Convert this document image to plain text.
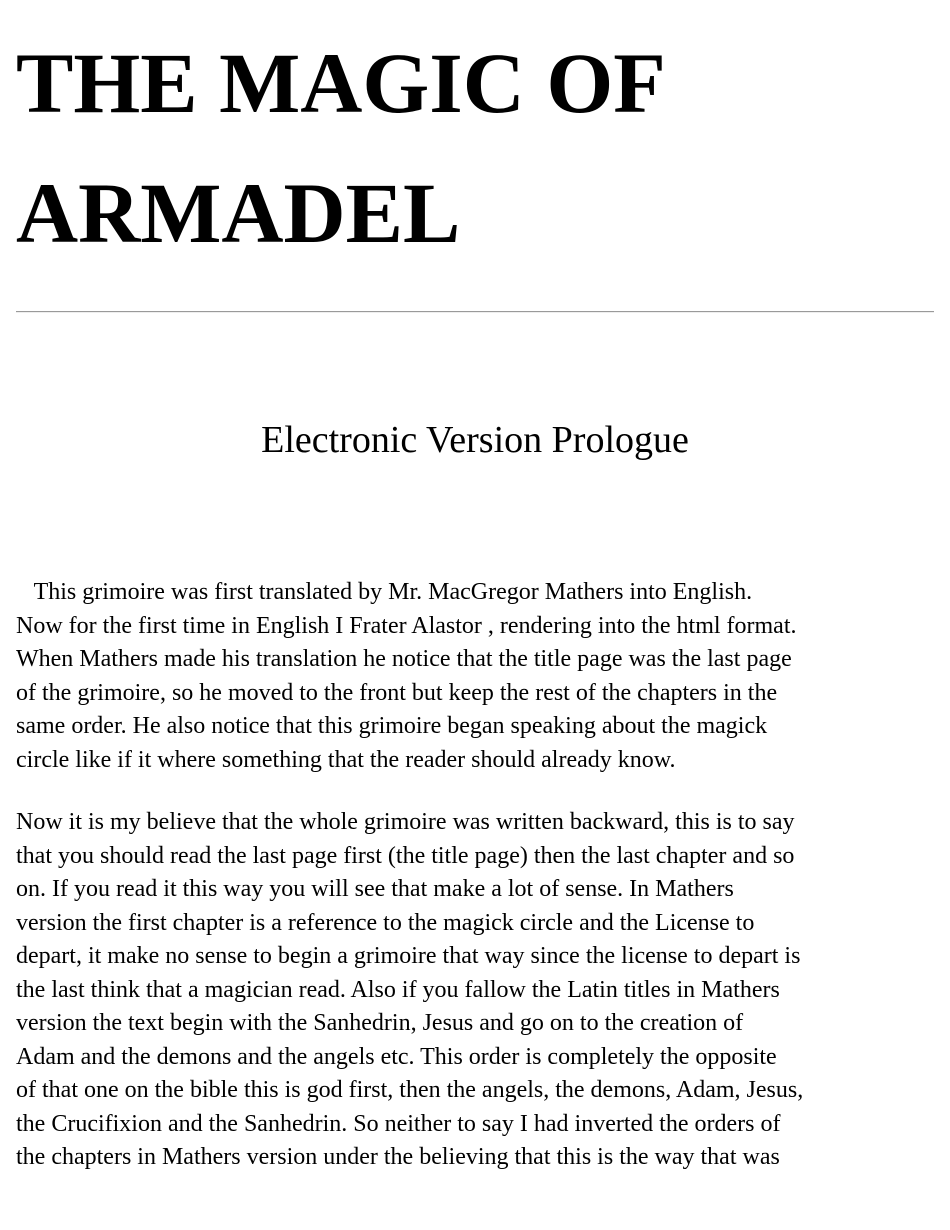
THE MAGIC OF
ARMADEL
Electronic Version Prologue

This grimoire was first translated by Mr. MacGregor Mathers into English.
Now for the first time in English I Frater Alastor , rendering into the html format.
When Mathers made his translation he notice that the title page was the last page
of the grimoire, so he moved to the front but keep the rest of the chapters in the
same order. He also notice that this grimoire began speaking about the magick
circle like if it where something that the reader should already know.

Now it is my believe that the whole grimoire was written backward, this is to say
that you should read the last page first (the title page) then the last chapter and so
on. If you read it this way you will see that make a lot of sense. In Mathers
version the first chapter is a reference to the magick circle and the License to
depart, it make no sense to begin a grimoire that way since the license to depart is
the last think that a magician read. Also if you fallow the Latin titles in Mathers
version the text begin with the Sanhedrin, Jesus and go on to the creation of
Adam and the demons and the angels etc. This order is completely the opposite
of that one on the bible this is god first, then the angels, the demons, Adam, Jesus,
the Crucifixion and the Sanhedrin. So neither to say I had inverted the orders of
the chapters in Mathers version under the believing that this is the way that was
